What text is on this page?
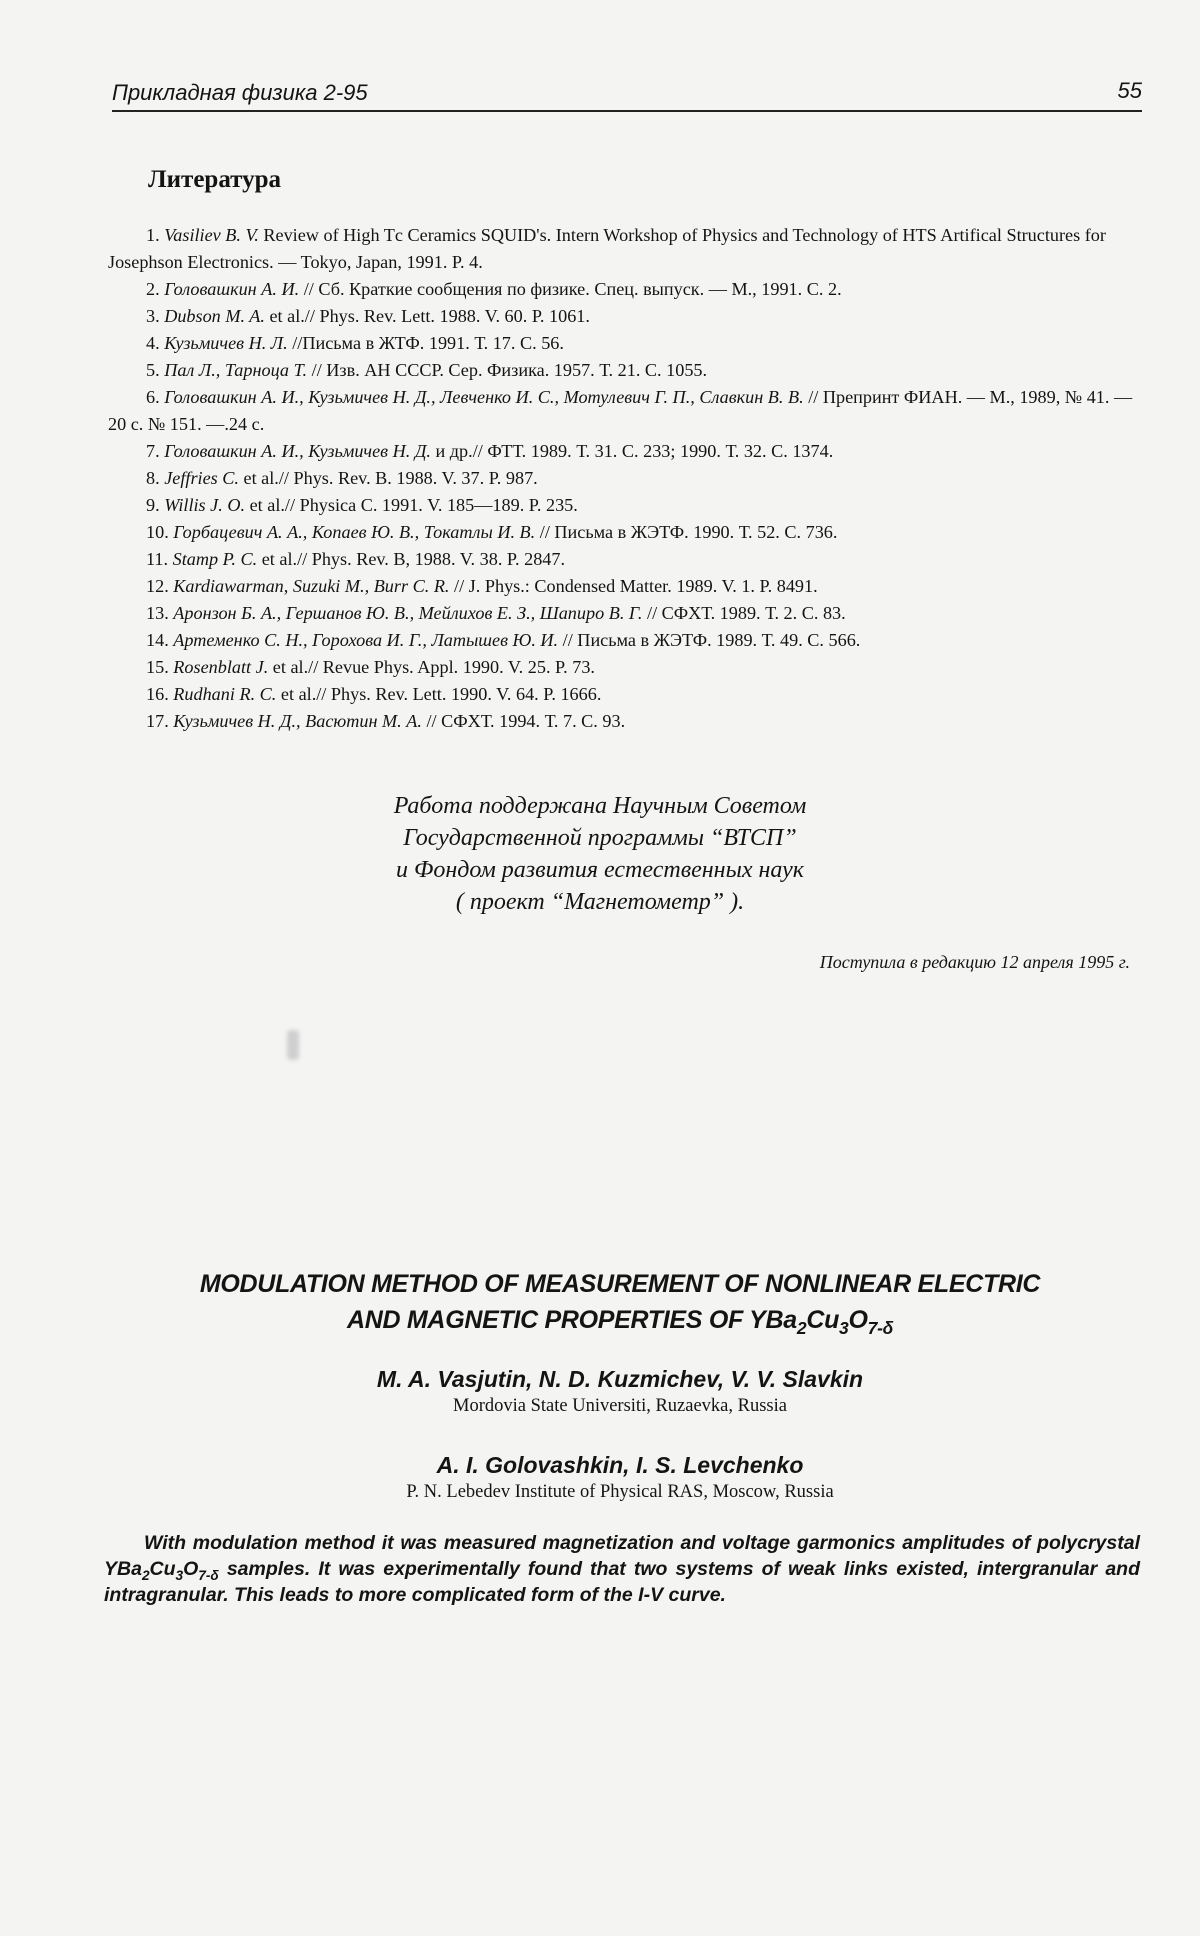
Прикладная физика 2-95	55
Литература

1. Vasiliev B. V. Review of High Tс Ceramics SQUID's. Intern Workshop of Physics and Technology of HTS Artifical Structures for Josephson Electronics. — Tokyo, Japan, 1991. P. 4.

2. Головашкин А. И. // Сб. Краткие сообщения по физике. Спец. выпуск. — М., 1991. С. 2.

3. Dubson M. A. et al.// Phys. Rev. Lett. 1988. V. 60. P. 1061.

4. Кузьмичев Н. Л. //Письма в ЖТФ. 1991. Т. 17. С. 56.

5. Пал Л., Тарноца Т. // Изв. АН СССР. Сер. Физика. 1957. Т. 21. С. 1055.

6. Головашкин А. И., Кузьмичев Н. Д., Левченко И. С., Мотулевич Г. П., Славкин В. В. // Препринт ФИАН. — М., 1989, № 41. — 20 с. № 151. —.24 с.

7. Головашкин А. И., Кузьмичев Н. Д. и др.// ФТТ. 1989. Т. 31. С. 233; 1990. Т. 32. С. 1374.

8. Jeffries C. et al.// Phys. Rev. B. 1988. V. 37. P. 987.

9. Willis J. O. et al.// Physica C. 1991. V. 185—189. P. 235.

10. Горбацевич А. А., Копаев Ю. В., Токатлы И. В. // Письма в ЖЭТФ. 1990. Т. 52. С. 736.

11. Stamp P. C. et al.// Phys. Rev. B, 1988. V. 38. P. 2847.

12. Kardiawarman, Suzuki M., Burr C. R. // J. Phys.: Condensed Matter. 1989. V. 1. P. 8491.

13. Аронзон Б. А., Гершанов Ю. В., Мейлихов Е. З., Шапиро В. Г. // СФХТ. 1989. Т. 2. С. 83.

14. Артеменко С. Н., Горохова И. Г., Латышев Ю. И. // Письма в ЖЭТФ. 1989. Т. 49. С. 566.

15. Rosenblatt J. et al.// Revue Phys. Appl. 1990. V. 25. P. 73.

16. Rudhani R. C. et al.// Phys. Rev. Lett. 1990. V. 64. P. 1666.

17. Кузьмичев Н. Д., Васютин М. А. // СФХТ. 1994. Т. 7. С. 93.

Работа поддержана Научным Советом
Государственной программы “ВТСП”
и Фондом развития естественных наук
( проект “Магнетометр” ).
Поступила в редакцию 12 апреля 1995 г.
MODULATION METHOD OF MEASUREMENT OF NONLINEAR ELECTRIC
AND MAGNETIC PROPERTIES OF $YBa_2Cu_3O_{7-\delta}$
M. A. Vasjutin, N. D. Kuzmichev, V. V. Slavkin
Mordovia State Universiti, Ruzaevka, Russia
A. I. Golovashkin, I. S. Levchenko
P. N. Lebedev Institute of Physical RAS, Moscow, Russia
With modulation method it was measured magnetization and voltage garmonics amplitudes of polycrystal $YBa_2Cu_3O_{7-\delta}$ samples. It was experimentally found that two systems of weak links existed, intergranular and intragranular. This leads to more complicated form of the I-V curve.
